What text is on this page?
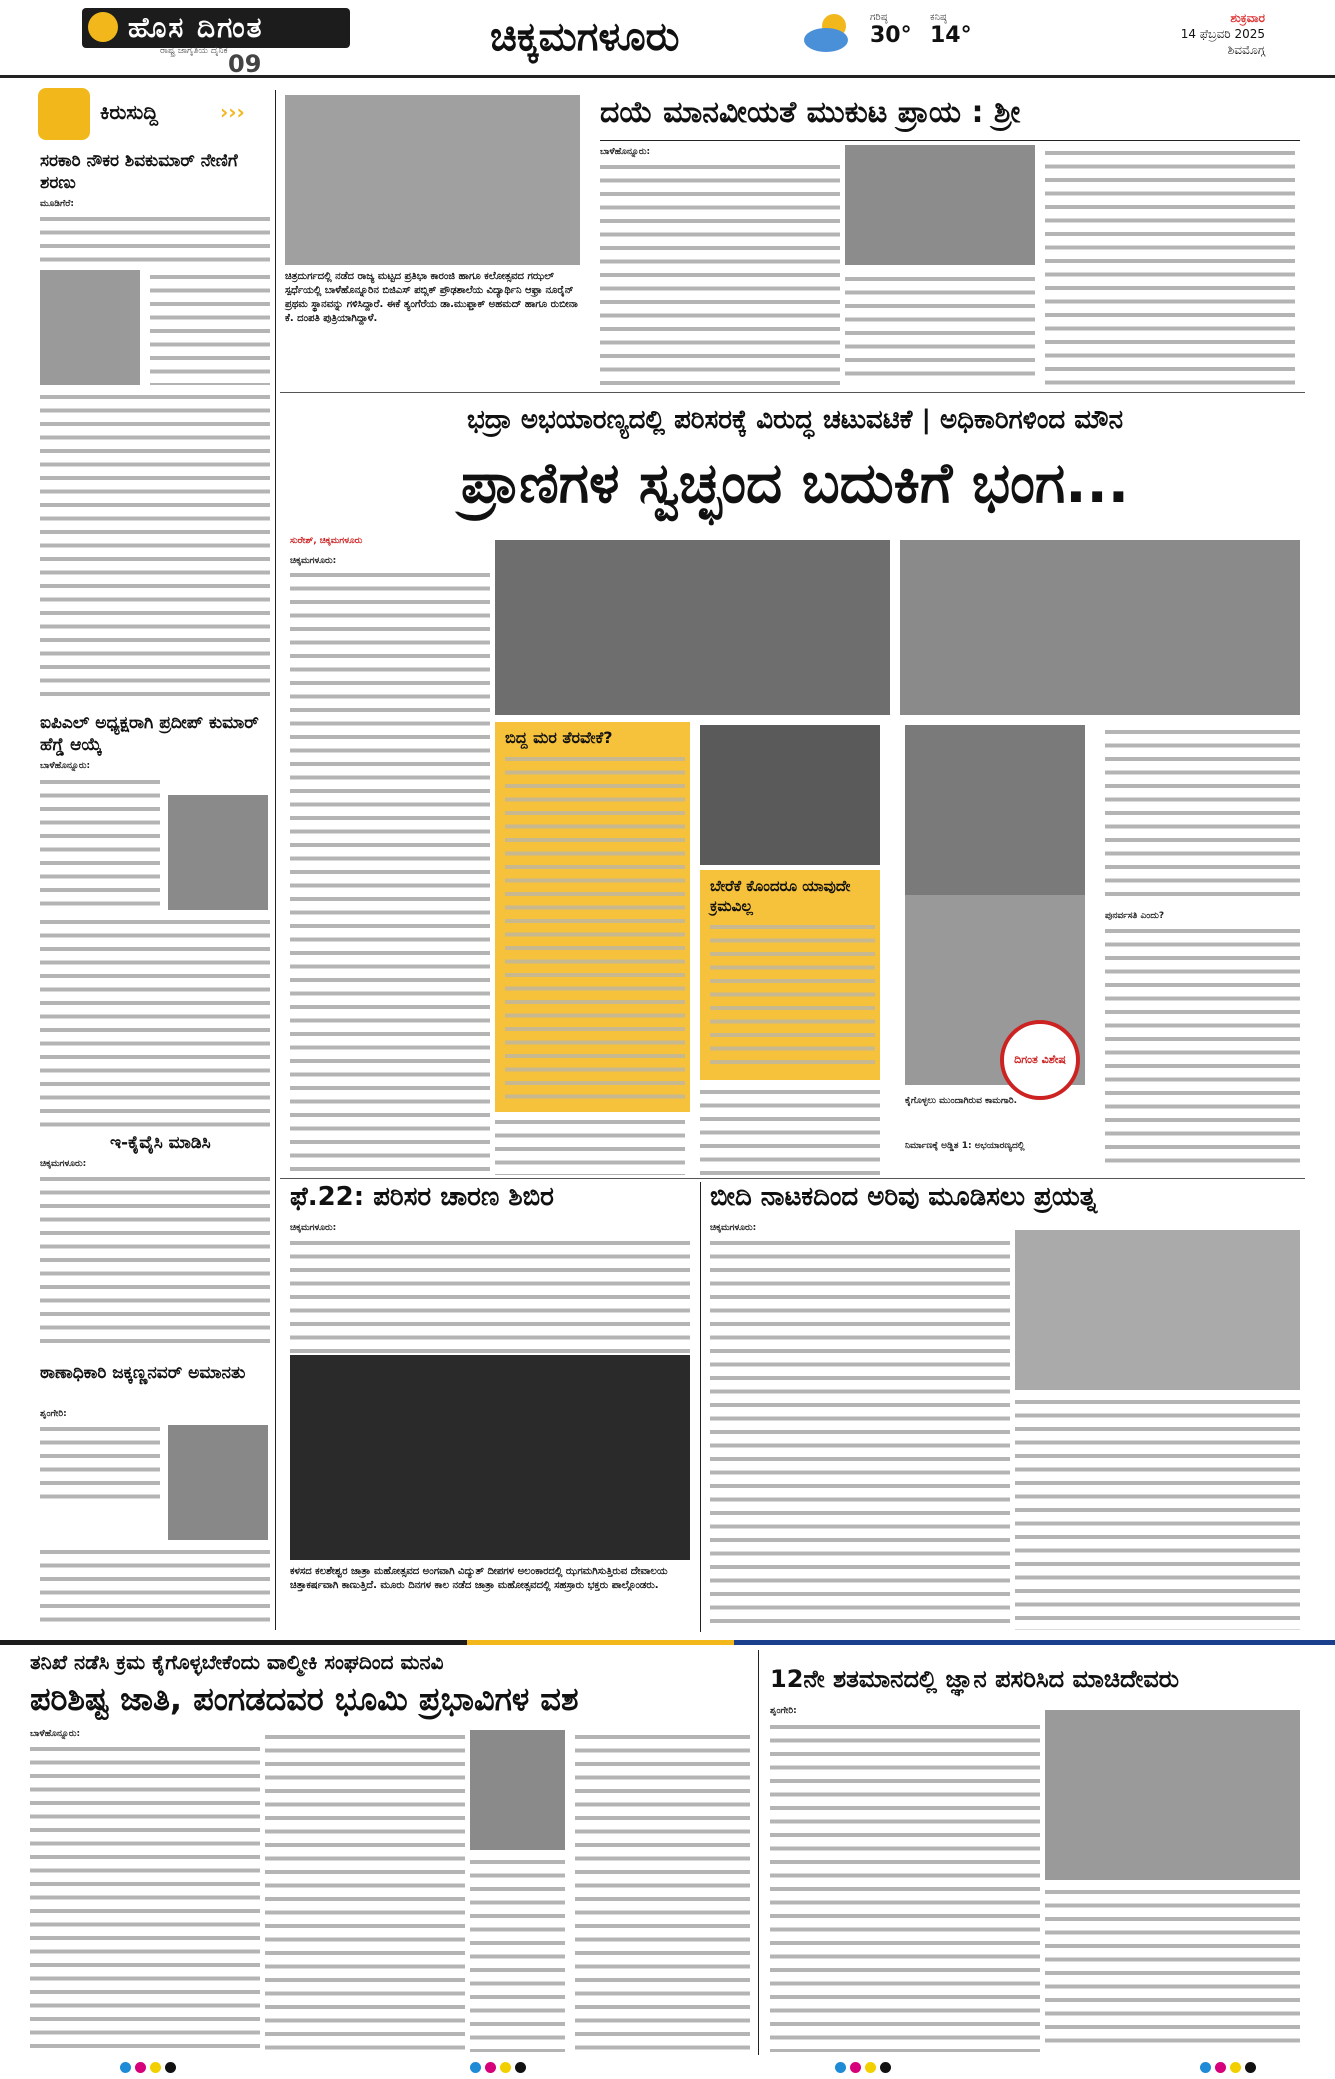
ಹೊಸ ದಿಗಂತ
ರಾಷ್ಟ್ರ ಜಾಗೃತಿಯ ದೈನಿಕ 09
ಚಿಕ್ಕಮಗಳೂರು	ಗರಿಷ್ಠ
30°
ಕನಿಷ್ಠ
14°
ಶುಕ್ರವಾರ
14 ಫೆಬ್ರವರಿ 2025
ಶಿವಮೊಗ್ಗ
ಕಿರುಸುದ್ದಿ	›››
ಸರಕಾರಿ ನೌಕರ ಶಿವಕುಮಾರ್ ನೇಣಿಗೆ ಶರಣು
ಮೂಡಿಗೆರೆ:
ಐಪಿಎಲ್ ಅಧ್ಯಕ್ಷರಾಗಿ ಪ್ರದೀಪ್ ಕುಮಾರ್ ಹೆಗ್ಡೆ ಆಯ್ಕೆ
ಬಾಳೆಹೊನ್ನೂರು:
ಇ-ಕೈವೈಸಿ ಮಾಡಿಸಿ
ಚಿಕ್ಕಮಗಳೂರು:
ಠಾಣಾಧಿಕಾರಿ ಜಕ್ಕಣ್ಣನವರ್ ಅಮಾನತು
ಶೃಂಗೇರಿ:
ಚಿತ್ರದುರ್ಗದಲ್ಲಿ ನಡೆದ ರಾಜ್ಯ ಮಟ್ಟದ ಪ್ರತಿಭಾ ಕಾರಂಜಿ ಹಾಗೂ ಕಲೋತ್ಸವದ ಗಝಲ್ ಸ್ಪರ್ಧೆಯಲ್ಲಿ ಬಾಳೆಹೊನ್ನೂರಿನ ಬಿಜಿಎಸ್ ಪಬ್ಲಿಕ್ ಪ್ರೌಢಶಾಲೆಯ ವಿದ್ಯಾರ್ಥಿನಿ ಆಫ್ರಾ ನೂರೈನ್ ಪ್ರಥಮ ಸ್ಥಾನವನ್ನು ಗಳಿಸಿದ್ದಾರೆ. ಈಕೆ ತ್ಯಂಗೆರೆಯ ಡಾ.ಮುಫ್ತಾಕ್ ಅಹಮದ್ ಹಾಗೂ ರುಬೀನಾ ಕೆ. ದಂಪತಿ ಪುತ್ರಿಯಾಗಿದ್ದಾಳೆ.
ದಯೆ ಮಾನವೀಯತೆ ಮುಕುಟ ಪ್ರಾಯ : ಶ್ರೀ
ಬಾಳೆಹೊನ್ನೂರು:
ಭದ್ರಾ ಅಭಯಾರಣ್ಯದಲ್ಲಿ ಪರಿಸರಕ್ಕೆ ವಿರುದ್ಧ ಚಟುವಟಿಕೆ | ಅಧಿಕಾರಿಗಳಿಂದ ಮೌನ
ಪ್ರಾಣಿಗಳ ಸ್ವಚ್ಛಂದ ಬದುಕಿಗೆ ಭಂಗ...
ಸುರೇಶ್, ಚಿಕ್ಕಮಗಳೂರು
ಚಿಕ್ಕಮಗಳೂರು:
ಬಿದ್ದ ಮರ ತೆರವೇಕೆ?
ಬೇರೆಕೆ ಕೊಂದರೂ ಯಾವುದೇ ಕ್ರಮವಿಲ್ಲ
ದಿಗಂತ ವಿಶೇಷ
ಕೈಗೊಳ್ಳಲು ಮುಂದಾಗಿರುವ ಕಾಮಗಾರಿ.
ನಿರ್ಮಾಣಕ್ಕೆ ಅಡ್ಡಿತ 1: ಅಭಯಾರಣ್ಯದಲ್ಲಿ
ಪುನರ್ವಸತಿ ಎಂದು?
ಫೆ.22: ಪರಿಸರ ಚಾರಣ ಶಿಬಿರ
ಚಿಕ್ಕಮಗಳೂರು:
ಕಳಸದ ಕಲಶೇಶ್ವರ ಜಾತ್ರಾ ಮಹೋತ್ಸವದ ಅಂಗವಾಗಿ ವಿದ್ಯುತ್ ದೀಪಗಳ ಅಲಂಕಾರದಲ್ಲಿ ಝಗಮಗಿಸುತ್ತಿರುವ ದೇವಾಲಯ ಚಿತ್ತಾಕರ್ಷವಾಗಿ ಕಾಣುತ್ತಿದೆ. ಮೂರು ದಿನಗಳ ಕಾಲ ನಡೆದ ಜಾತ್ರಾ ಮಹೋತ್ಸವದಲ್ಲಿ ಸಹಸ್ರಾರು ಭಕ್ತರು ಪಾಲ್ಗೊಂಡರು.
ಬೀದಿ ನಾಟಕದಿಂದ ಅರಿವು ಮೂಡಿಸಲು ಪ್ರಯತ್ನ
ಚಿಕ್ಕಮಗಳೂರು:
ತನಿಖೆ ನಡೆಸಿ ಕ್ರಮ ಕೈಗೊಳ್ಳಬೇಕೆಂದು ವಾಲ್ಮೀಕಿ ಸಂಘದಿಂದ ಮನವಿ
ಪರಿಶಿಷ್ಟ ಜಾತಿ, ಪಂಗಡದವರ ಭೂಮಿ ಪ್ರಭಾವಿಗಳ ವಶ
ಬಾಳೆಹೊನ್ನೂರು:
12ನೇ ಶತಮಾನದಲ್ಲಿ ಜ್ಞಾನ ಪಸರಿಸಿದ ಮಾಚಿದೇವರು
ಶೃಂಗೇರಿ:
